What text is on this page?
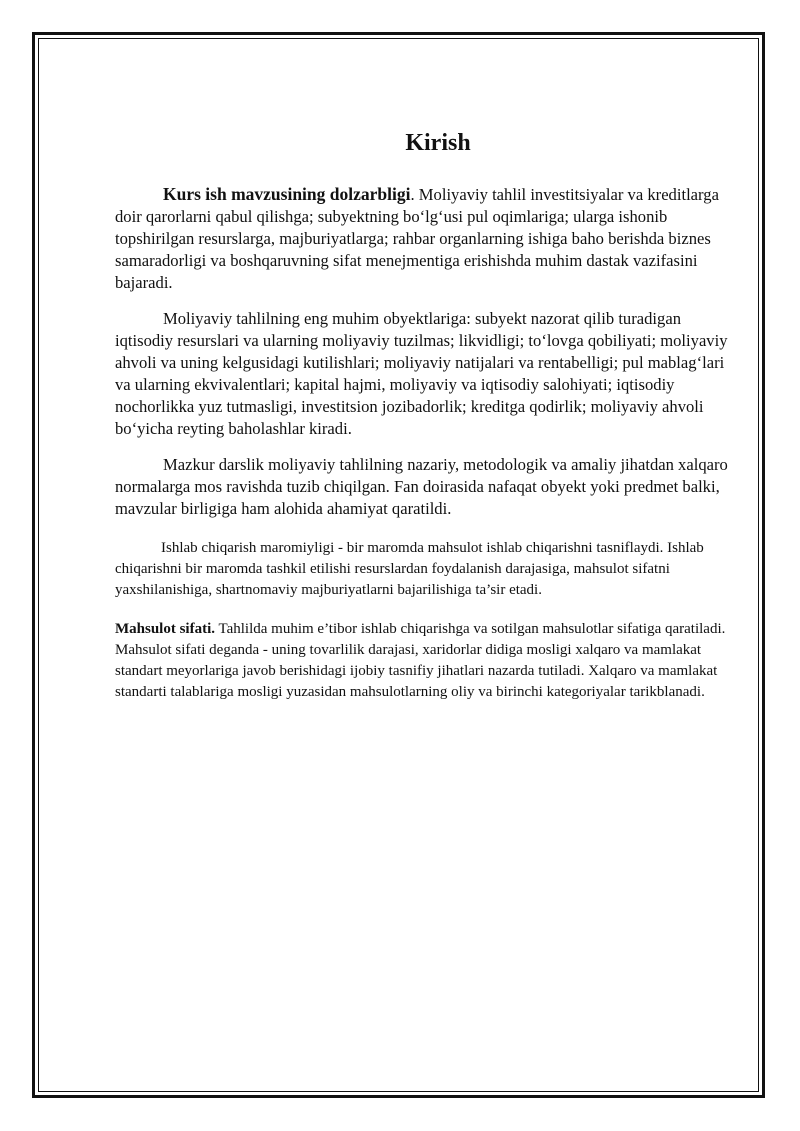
Kirish

Kurs ish mavzusining dolzarbligi. Moliyaviy tahlil investitsiyalar va kreditlarga doir qarorlarni qabul qilishga; subyektning bo‘lg‘usi pul oqimlariga; ularga ishonib topshirilgan resurslarga, majburiyatlarga; rahbar organlarning ishiga baho berishda biznes samaradorligi va boshqaruvning sifat menejmentiga erishishda muhim dastak vazifasini bajaradi.

Moliyaviy tahlilning eng muhim obyektlariga: subyekt nazorat qilib turadigan iqtisodiy resurslari va ularning moliyaviy tuzilmas; likvidligi; to‘lovga qobiliyati; moliyaviy ahvoli va uning kelgusidagi kutilishlari; moliyaviy natijalari va rentabelligi; pul mablag‘lari va ularning ekvivalentlari; kapital hajmi, moliyaviy va iqtisodiy salohiyati; iqtisodiy nochorlikka yuz tutmasligi, investitsion jozibadorlik; kreditga qodirlik; moliyaviy ahvoli bo‘yicha reyting baholashlar kiradi.

Mazkur darslik moliyaviy tahlilning nazariy, metodologik va amaliy jihatdan xalqaro normalarga mos ravishda tuzib chiqilgan. Fan doirasida nafaqat obyekt yoki predmet balki, mavzular birligiga ham alohida ahamiyat qaratildi.

Ishlab chiqarish maromiyligi - bir maromda mahsulot ishlab chiqarishni tasniflaydi. Ishlab chiqarishni bir maromda tashkil etilishi resurslardan foydalanish darajasiga, mahsulot sifatni yaxshilanishiga, shartnomaviy majburiyatlarni bajarilishiga ta’sir etadi.

Mahsulot sifati. Tahlilda muhim e’tibor ishlab chiqarishga va sotilgan mahsulotlar sifatiga qaratiladi. Mahsulot sifati deganda - uning tovarlilik darajasi, xaridorlar didiga mosligi xalqaro va mamlakat standart meyorlariga javob berishidagi ijobiy tasnifiy jihatlari nazarda tutiladi. Xalqaro va mamlakat standarti talablariga mosligi yuzasidan mahsulotlarning oliy va birinchi kategoriyalar tarikblanadi.
